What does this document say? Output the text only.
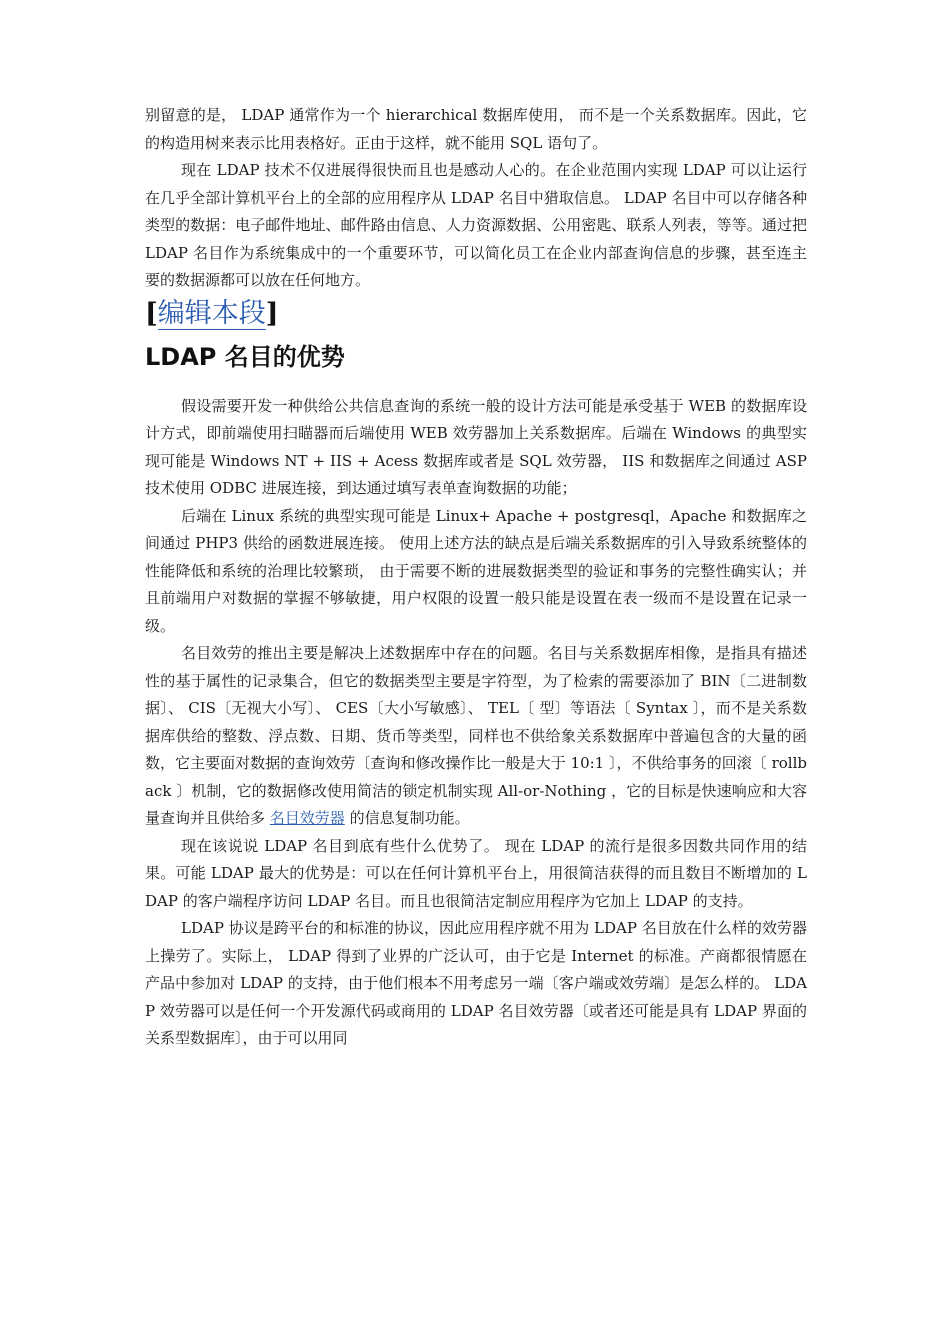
别留意的是， LDAP 通常作为一个 hierarchical 数据库使用， 而不是一个关系数据库。因此，它的构造用树来表示比用表格好。正由于这样，就不能用 SQL 语句了。

现在 LDAP 技术不仅进展得很快而且也是感动人心的。在企业范围内实现 LDAP 可以让运行在几乎全部计算机平台上的全部的应用程序从 LDAP 名目中猎取信息。 LDAP 名目中可以存储各种类型的数据：电子邮件地址、邮件路由信息、人力资源数据、公用密匙、联系人列表，等等。通过把 LDAP 名目作为系统集成中的一个重要环节，可以简化员工在企业内部查询信息的步骤，甚至连主要的数据源都可以放在任何地方。

[编辑本段]
LDAP 名目的优势

假设需要开发一种供给公共信息查询的系统一般的设计方法可能是承受基于 WEB 的数据库设计方式，即前端使用扫瞄器而后端使用 WEB 效劳器加上关系数据库。后端在 Windows 的典型实现可能是 Windows NT + IIS + Acess 数据库或者是 SQL 效劳器， IIS 和数据库之间通过 ASP 技术使用 ODBC 进展连接，到达通过填写表单查询数据的功能；

后端在 Linux 系统的典型实现可能是 Linux+ Apache + postgresql，Apache 和数据库之间通过 PHP3 供给的函数进展连接。 使用上述方法的缺点是后端关系数据库的引入导致系统整体的性能降低和系统的治理比较繁琐， 由于需要不断的进展数据类型的验证和事务的完整性确实认；并且前端用户对数据的掌握不够敏捷，用户权限的设置一般只能是设置在表一级而不是设置在记录一级。

名目效劳的推出主要是解决上述数据库中存在的问题。名目与关系数据库相像，是指具有描述性的基于属性的记录集合，但它的数据类型主要是字符型，为了检索的需要添加了 BIN〔二进制数据〕、 CIS〔无视大小写〕、 CES〔大小写敏感〕、 TEL〔 型〕等语法〔 Syntax 〕，而不是关系数据库供给的整数、浮点数、日期、货币等类型，同样也不供给象关系数据库中普遍包含的大量的函数，它主要面对数据的查询效劳〔查询和修改操作比一般是大于 10:1 〕，不供给事务的回滚〔 rollback 〕机制，它的数据修改使用简洁的锁定机制实现 All-or-Nothing ，它的目标是快速响应和大容量查询并且供给多 名目效劳器 的信息复制功能。

现在该说说 LDAP 名目到底有些什么优势了。 现在 LDAP 的流行是很多因数共同作用的结果。可能 LDAP 最大的优势是：可以在任何计算机平台上，用很简洁获得的而且数目不断增加的 LDAP 的客户端程序访问 LDAP 名目。而且也很简洁定制应用程序为它加上 LDAP 的支持。

LDAP 协议是跨平台的和标准的协议，因此应用程序就不用为 LDAP 名目放在什么样的效劳器上操劳了。实际上， LDAP 得到了业界的广泛认可，由于它是 Internet 的标准。产商都很情愿在产品中参加对 LDAP 的支持，由于他们根本不用考虑另一端〔客户端或效劳端〕是怎么样的。 LDAP 效劳器可以是任何一个开发源代码或商用的 LDAP 名目效劳器〔或者还可能是具有 LDAP 界面的关系型数据库〕，由于可以用同
